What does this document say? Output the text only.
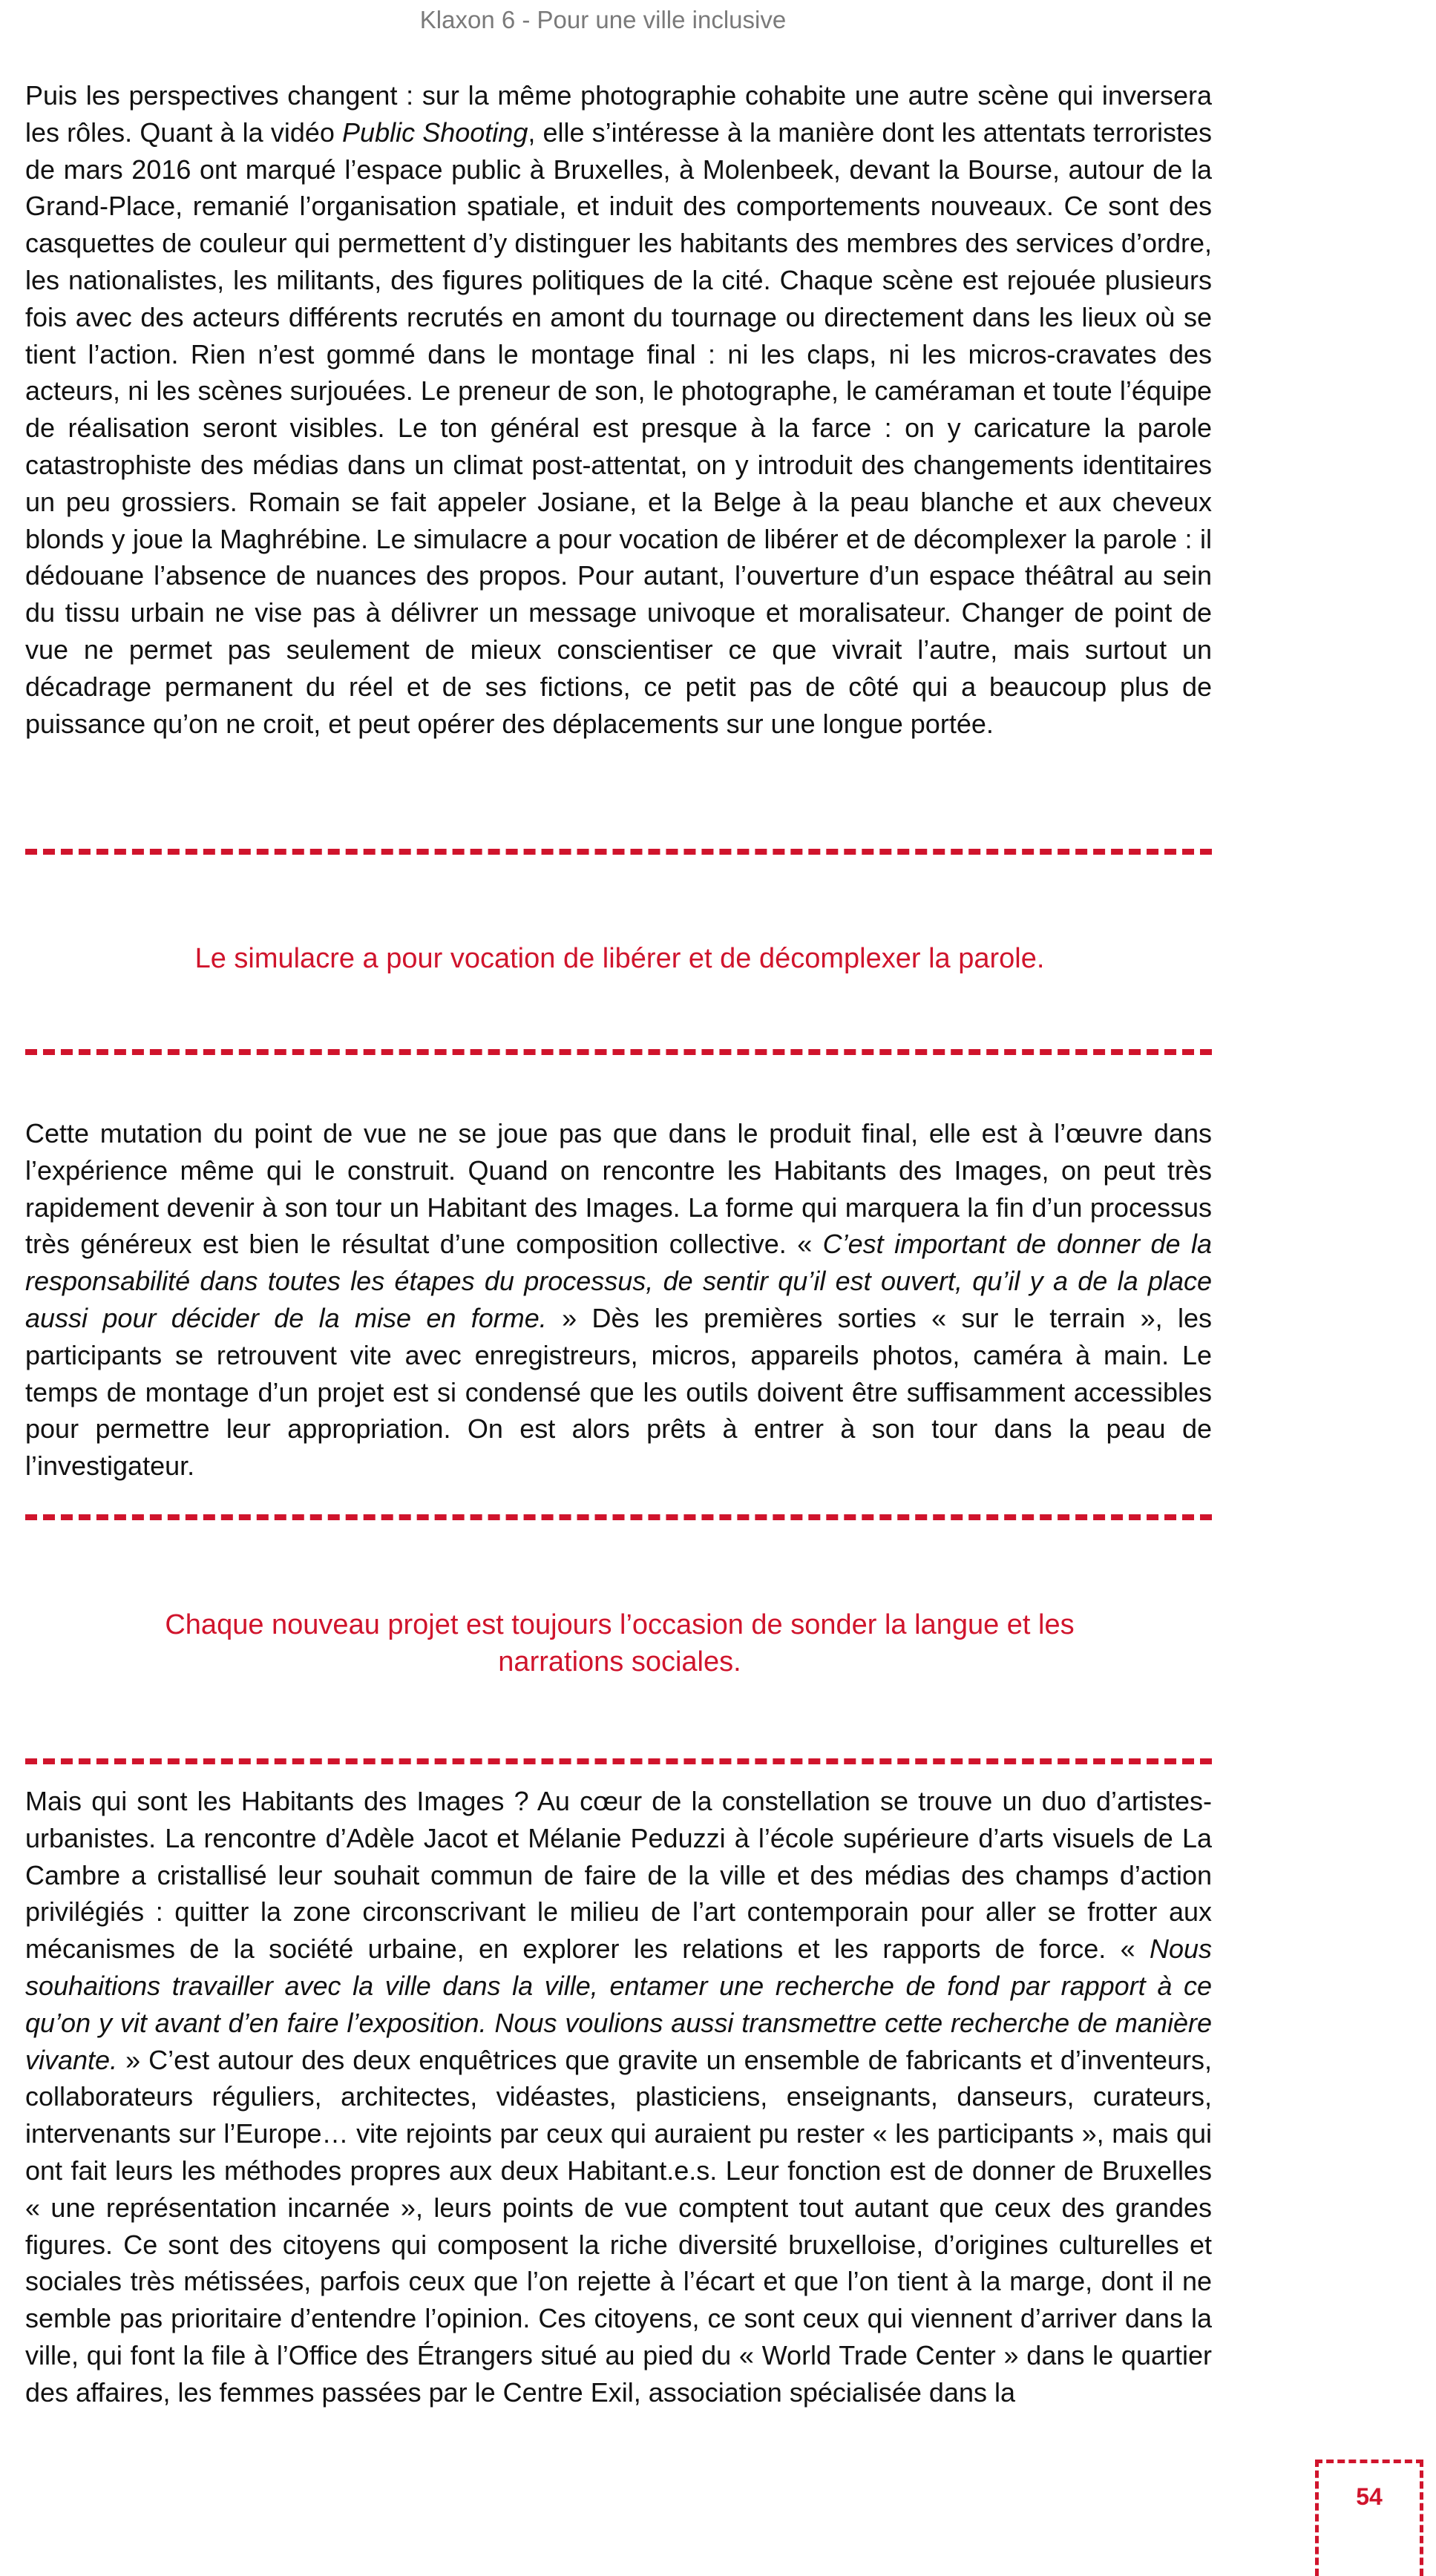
Klaxon 6 - Pour une ville inclusive

Puis les perspectives changent : sur la même photographie cohabite une autre scène qui inversera les rôles. Quant à la vidéo Public Shooting, elle s’intéresse à la manière dont les attentats terroristes de mars 2016 ont marqué l’espace public à Bruxelles, à Molenbeek, devant la Bourse, autour de la Grand-Place, remanié l’organisation spatiale, et induit des comportements nouveaux. Ce sont des casquettes de couleur qui permettent d’y distinguer les habitants des membres des services d’ordre, les nationalistes, les militants, des figures politiques de la cité. Chaque scène est rejouée plusieurs fois avec des acteurs différents recrutés en amont du tournage ou directement dans les lieux où se tient l’action. Rien n’est gommé dans le montage final : ni les claps, ni les micros-cravates des acteurs, ni les scènes surjouées. Le preneur de son, le photographe, le caméraman et toute l’équipe de réalisation seront visibles. Le ton général est presque à la farce : on y caricature la parole catastrophiste des médias dans un climat post-attentat, on y introduit des changements identitaires un peu grossiers. Romain se fait appeler Josiane, et la Belge à la peau blanche et aux cheveux blonds y joue la Maghrébine. Le simulacre a pour vocation de libérer et de décomplexer la parole : il dédouane l’absence de nuances des propos. Pour autant, l’ouverture d’un espace théâtral au sein du tissu urbain ne vise pas à délivrer un message univoque et moralisateur. Changer de point de vue ne permet pas seulement de mieux conscientiser ce que vivrait l’autre, mais surtout un décadrage permanent du réel et de ses fictions, ce petit pas de côté qui a beaucoup plus de puissance qu’on ne croit, et peut opérer des déplacements sur une longue portée.

Le simulacre a pour vocation de libérer et de décomplexer la parole.

Cette mutation du point de vue ne se joue pas que dans le produit final, elle est à l’œuvre dans l’expérience même qui le construit. Quand on rencontre les Habitants des Images, on peut très rapidement devenir à son tour un Habitant des Images. La forme qui marquera la fin d’un processus très généreux est bien le résultat d’une composition collective. « C’est important de donner de la responsabilité dans toutes les étapes du processus, de sentir qu’il est ouvert, qu’il y a de la place aussi pour décider de la mise en forme. » Dès les premières sorties « sur le terrain », les participants se retrouvent vite avec enregistreurs, micros, appareils photos, caméra à main. Le temps de montage d’un projet est si condensé que les outils doivent être suffisamment accessibles pour permettre leur appropriation. On est alors prêts à entrer à son tour dans la peau de l’investigateur.

Chaque nouveau projet est toujours l’occasion de sonder la langue et les
narrations sociales.

Mais qui sont les Habitants des Images ? Au cœur de la constellation se trouve un duo d’artistes-urbanistes. La rencontre d’Adèle Jacot et Mélanie Peduzzi à l’école supérieure d’arts visuels de La Cambre a cristallisé leur souhait commun de faire de la ville et des médias des champs d’action privilégiés : quitter la zone circonscrivant le milieu de l’art contemporain pour aller se frotter aux mécanismes de la société urbaine, en explorer les relations et les rapports de force. « Nous souhaitions travailler avec la ville dans la ville, entamer une recherche de fond par rapport à ce qu’on y vit avant d’en faire l’exposition. Nous voulions aussi transmettre cette recherche de manière vivante. » C’est autour des deux enquêtrices que gravite un ensemble de fabricants et d’inventeurs, collaborateurs réguliers, architectes, vidéastes, plasticiens, enseignants, danseurs, curateurs, intervenants sur l’Europe… vite rejoints par ceux qui auraient pu rester « les participants », mais qui ont fait leurs les méthodes propres aux deux Habitant.e.s. Leur fonction est de donner de Bruxelles « une représentation incarnée », leurs points de vue comptent tout autant que ceux des grandes figures. Ce sont des citoyens qui composent la riche diversité bruxelloise, d’origines culturelles et sociales très métissées, parfois ceux que l’on rejette à l’écart et que l’on tient à la marge, dont il ne semble pas prioritaire d’entendre l’opinion. Ces citoyens, ce sont ceux qui viennent d’arriver dans la ville, qui font la file à l’Office des Étrangers situé au pied du « World Trade Center » dans le quartier des affaires, les femmes passées par le Centre Exil, association spécialisée dans la

54
